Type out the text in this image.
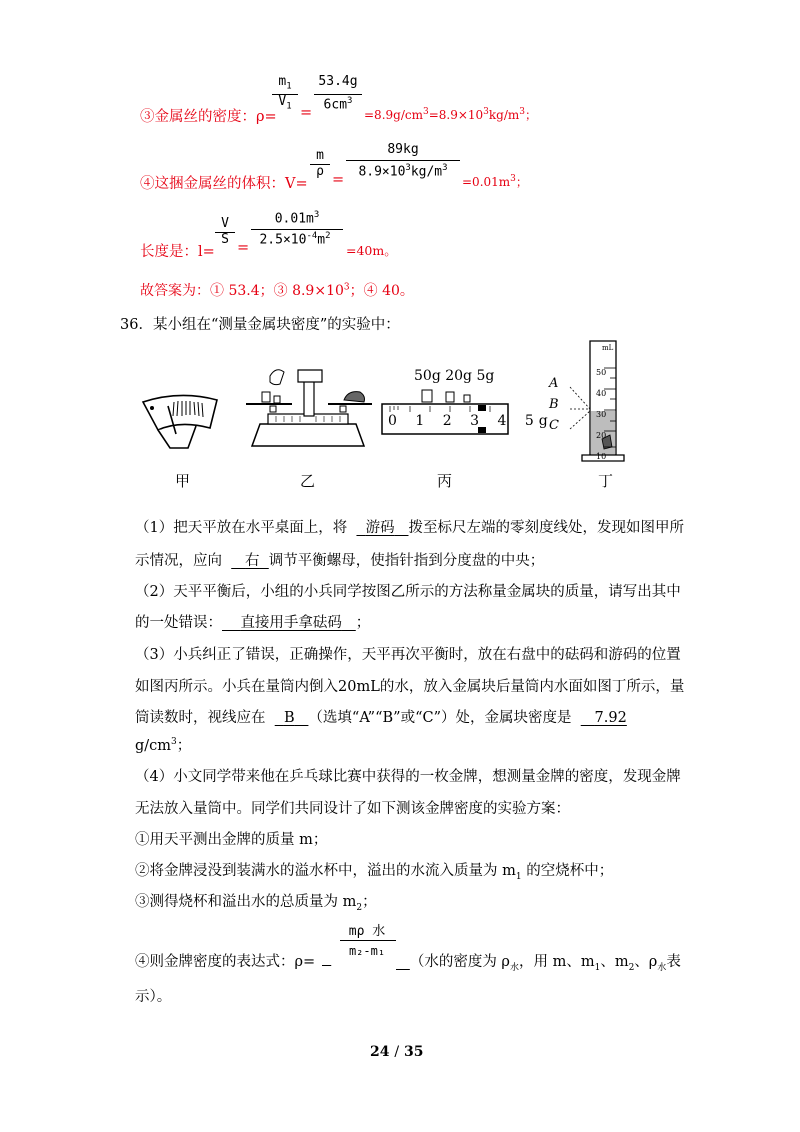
③金属丝的密度：ρ=
$m_1$
$V_1$ =
53.4g
$6cm^3$
$=8.9g/cm^3=8.9\times 10^3kg/m^3$；
④这捆金属丝的体积：V=
m
ρ
=
89kg
$8.9\times 10^3kg/m^3$
$=0.01m^3$；
长度是：l=
V
S
=
$0.01m^3$
$2.5\times 10^{-4}m^2$
=40m。
故答案为：① 53.4；③ $8.9\times 10^3$；④ 40。
36．某小组在“测量金属块密度”的实验中：
50g 20g 5g
0 1 2 3 4 5g
mL
50
40
30
20
10
A
B
C
甲	乙	丙	丁
（1）把天平放在水平桌面上，将 游码 拨至标尺左端的零刻度线处，发现如图甲所
示情况，应向 右 调节平衡螺母，使指针指到分度盘的中央；
（2）天平平衡后，小组的小兵同学按图乙所示的方法称量金属块的质量，请写出其中
的一处错误： 直接用手拿砝码 ；
（3）小兵纠正了错误，正确操作，天平再次平衡时，放在右盘中的砝码和游码的位置
如图丙所示。小兵在量筒内倒入20mL的水，放入金属块后量筒内水面如图丁所示，量
筒读数时，视线应在 B （选填“A”“B”或“C”）处，金属块密度是 7.92
$g/cm^3$；
（4）小文同学带来他在乒乓球比赛中获得的一枚金牌，想测量金牌的密度，发现金牌
无法放入量筒中。同学们共同设计了如下测该金牌密度的实验方案：
①用天平测出金牌的质量 m；
②将金牌浸没到装满水的溢水杯中，溢出的水流入质量为 $m_1$ 的空烧杯中；
③测得烧杯和溢出水的总质量为 $m_2$；
④则金牌密度的表达式：ρ=

mρ 水
m₂-m₁
（水的密度为 $\rho_水$，用 m、$m_1$、$m_2$、$\rho_水$表
示）。
24 / 35
